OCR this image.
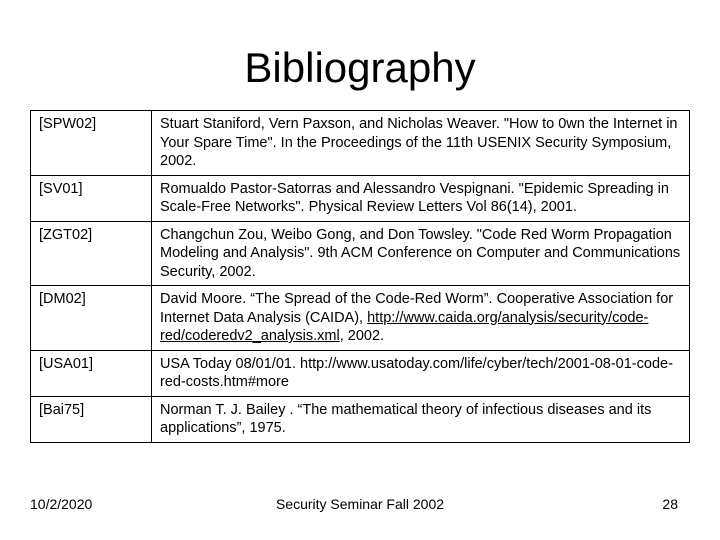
Bibliography
[SPW02]	Stuart Staniford, Vern Paxson, and Nicholas Weaver. "How to 0wn the Internet in Your Spare Time". In the Proceedings of the 11th USENIX Security Symposium, 2002.
[SV01]	Romualdo Pastor-Satorras and Alessandro Vespignani. "Epidemic Spreading in Scale-Free Networks". Physical Review Letters Vol 86(14), 2001.
[ZGT02]	Changchun Zou, Weibo Gong, and Don Towsley. "Code Red Worm Propagation Modeling and Analysis". 9th ACM Conference on Computer and Communications Security, 2002.
[DM02]	David Moore. “The Spread of the Code-Red Worm”. Cooperative Association for Internet Data Analysis (CAIDA), http://www.caida.org/analysis/security/code-red/coderedv2_analysis.xml, 2002.
[USA01]	USA Today 08/01/01. http://www.usatoday.com/life/cyber/tech/2001-08-01-code-red-costs.htm#more
[Bai75]	Norman T. J. Bailey . “The mathematical theory of infectious diseases and its applications”, 1975.
10/2/2020	Security Seminar Fall 2002	28
